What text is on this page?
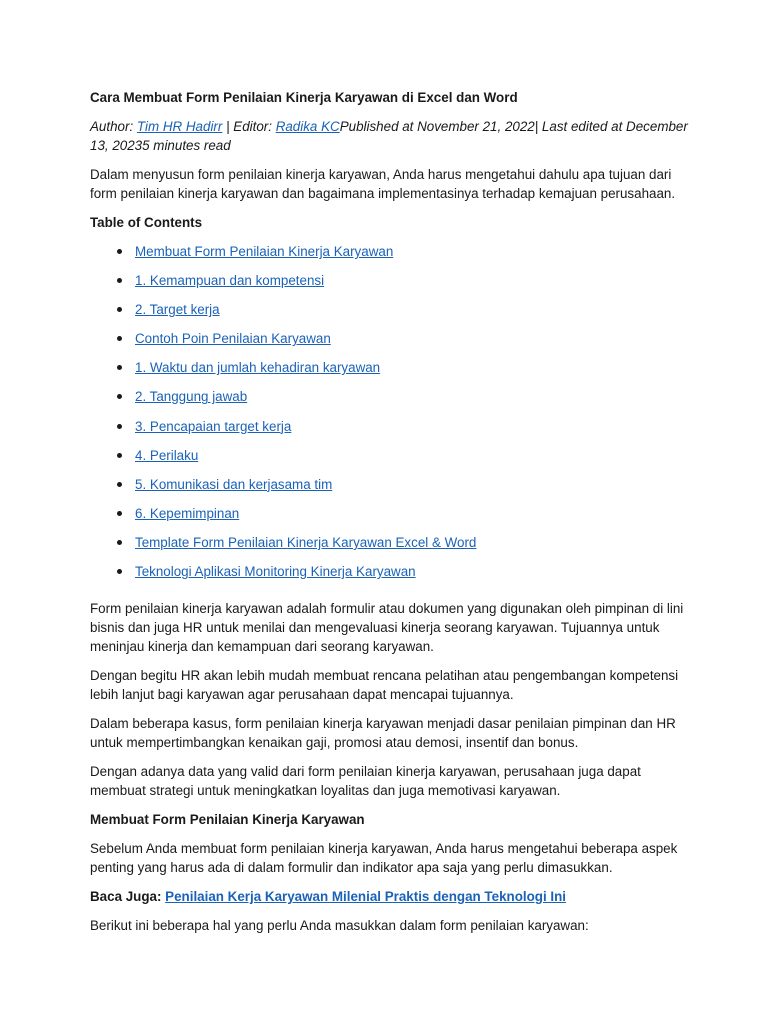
Cara Membuat Form Penilaian Kinerja Karyawan di Excel dan Word

Author: Tim HR Hadirr | Editor: Radika KCPublished at November 21, 2022| Last edited at December 13, 20235 minutes read

Dalam menyusun form penilaian kinerja karyawan, Anda harus mengetahui dahulu apa tujuan dari form penilaian kinerja karyawan dan bagaimana implementasinya terhadap kemajuan perusahaan.

Table of Contents

Membuat Form Penilaian Kinerja Karyawan
1. Kemampuan dan kompetensi
2. Target kerja
Contoh Poin Penilaian Karyawan
1. Waktu dan jumlah kehadiran karyawan
2. Tanggung jawab
3. Pencapaian target kerja
4. Perilaku
5. Komunikasi dan kerjasama tim
6. Kepemimpinan
Template Form Penilaian Kinerja Karyawan Excel & Word
Teknologi Aplikasi Monitoring Kinerja Karyawan

Form penilaian kinerja karyawan adalah formulir atau dokumen yang digunakan oleh pimpinan di lini bisnis dan juga HR untuk menilai dan mengevaluasi kinerja seorang karyawan. Tujuannya untuk meninjau kinerja dan kemampuan dari seorang karyawan.

Dengan begitu HR akan lebih mudah membuat rencana pelatihan atau pengembangan kompetensi lebih lanjut bagi karyawan agar perusahaan dapat mencapai tujuannya.

Dalam beberapa kasus, form penilaian kinerja karyawan menjadi dasar penilaian pimpinan dan HR untuk mempertimbangkan kenaikan gaji, promosi atau demosi, insentif dan bonus.

Dengan adanya data yang valid dari form penilaian kinerja karyawan, perusahaan juga dapat membuat strategi untuk meningkatkan loyalitas dan juga memotivasi karyawan.

Membuat Form Penilaian Kinerja Karyawan

Sebelum Anda membuat form penilaian kinerja karyawan, Anda harus mengetahui beberapa aspek penting yang harus ada di dalam formulir dan indikator apa saja yang perlu dimasukkan.

Baca Juga: Penilaian Kerja Karyawan Milenial Praktis dengan Teknologi Ini

Berikut ini beberapa hal yang perlu Anda masukkan dalam form penilaian karyawan:
